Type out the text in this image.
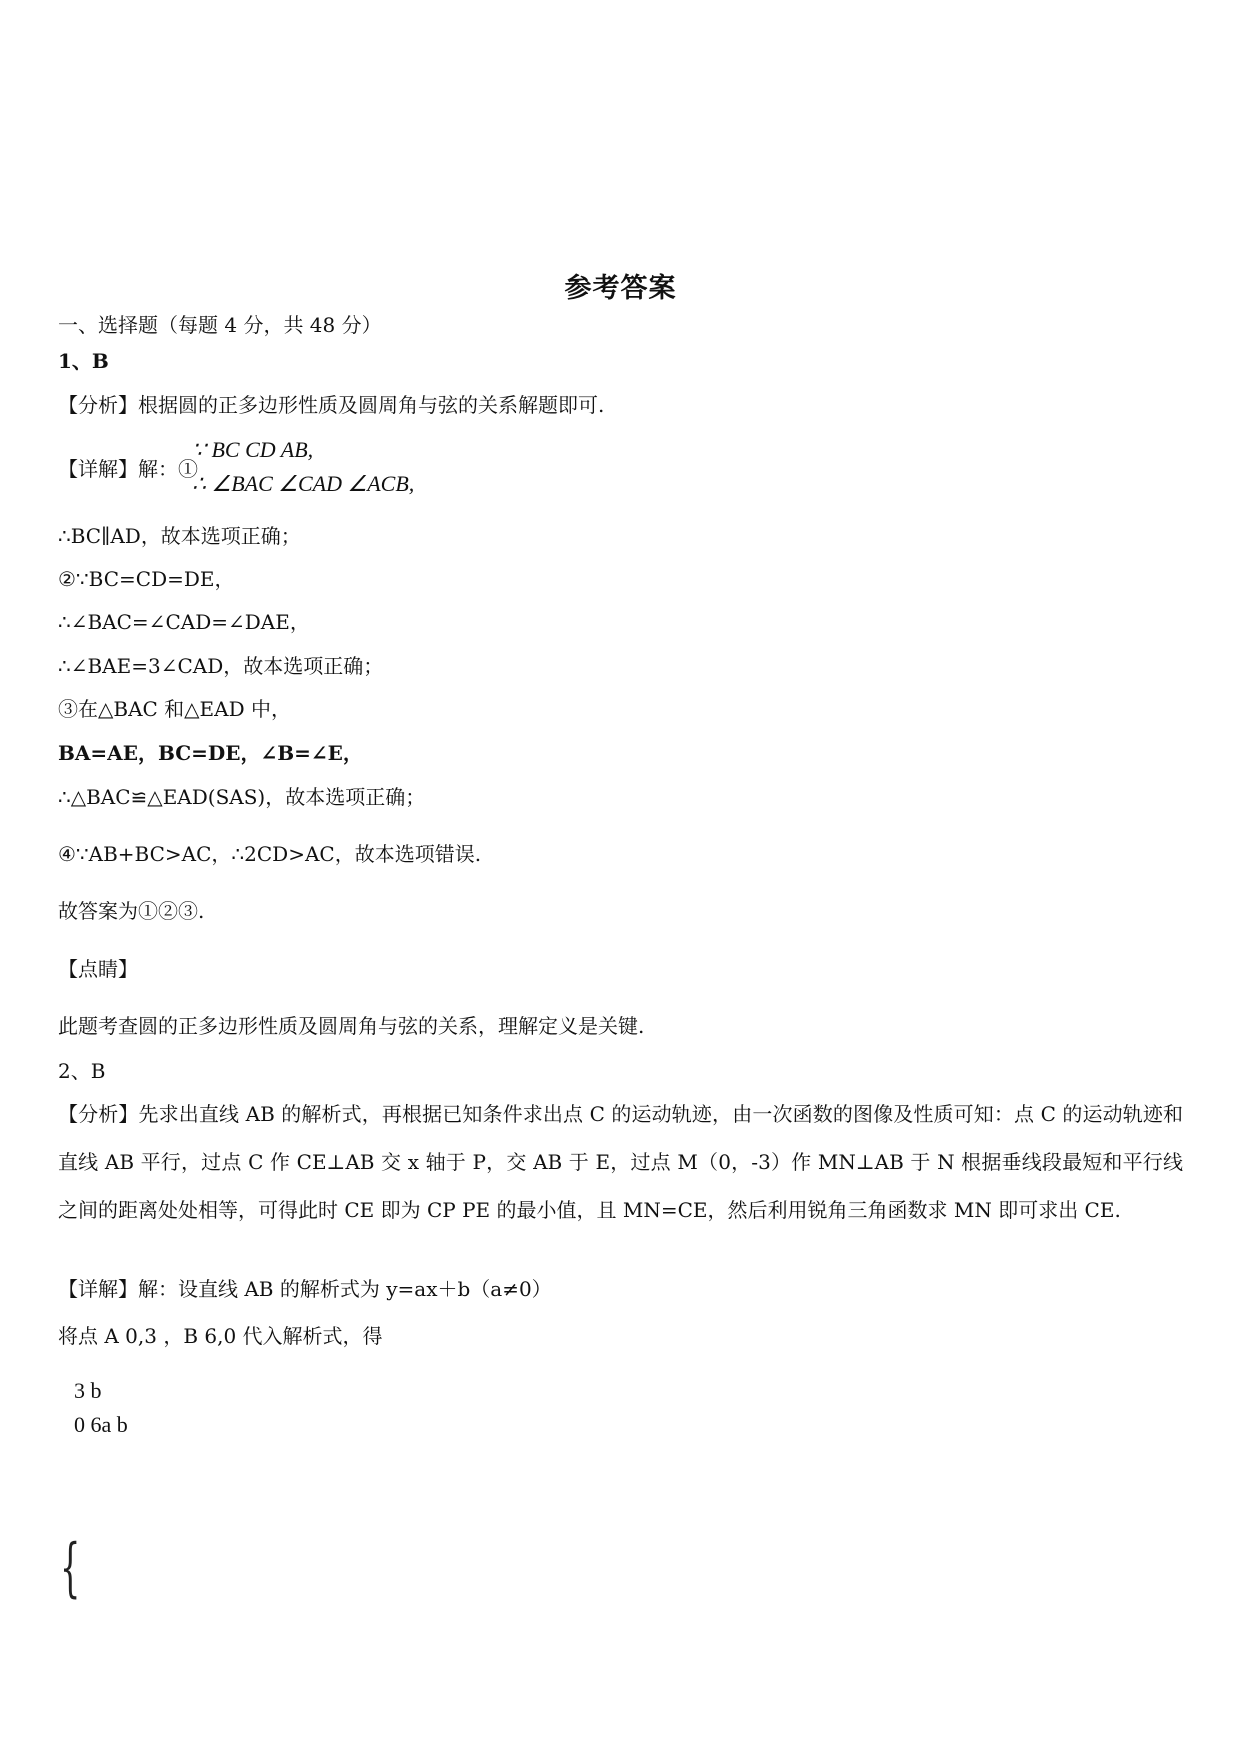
参考答案
一、选择题（每题 4 分，共 48 分）
1、B
【分析】根据圆的正多边形性质及圆周角与弦的关系解题即可.
【详解】解：①
∵ BC CD AB,
∴ ∠BAC ∠CAD ∠ACB,
∴BC∥AD，故本选项正确；
②∵BC=CD=DE，
∴∠BAC=∠CAD=∠DAE，
∴∠BAE=3∠CAD，故本选项正确；
③在△BAC 和△EAD 中，
BA=AE，BC=DE，∠B=∠E，
∴△BAC≌△EAD(SAS)，故本选项正确；
④∵AB+BC>AC，∴2CD>AC，故本选项错误.
故答案为①②③.
【点睛】
此题考查圆的正多边形性质及圆周角与弦的关系，理解定义是关键.
2、B
【分析】先求出直线 AB 的解析式，再根据已知条件求出点 C 的运动轨迹，由一次函数的图像及性质可知：点 C 的运动轨迹和直线 AB 平行，过点 C 作 CE⊥AB 交 x 轴于 P，交 AB 于 E，过点 M（0，-3）作 MN⊥AB 于 N 根据垂线段最短和平行线之间的距离处处相等，可得此时 CE 即为 CP PE 的最小值，且 MN=CE，然后利用锐角三角函数求 MN 即可求出 CE.
【详解】解：设直线 AB 的解析式为 y=ax＋b（a≠0）
将点 A 0,3 ，B 6,0 代入解析式，得
{
3 b
0 6a b
